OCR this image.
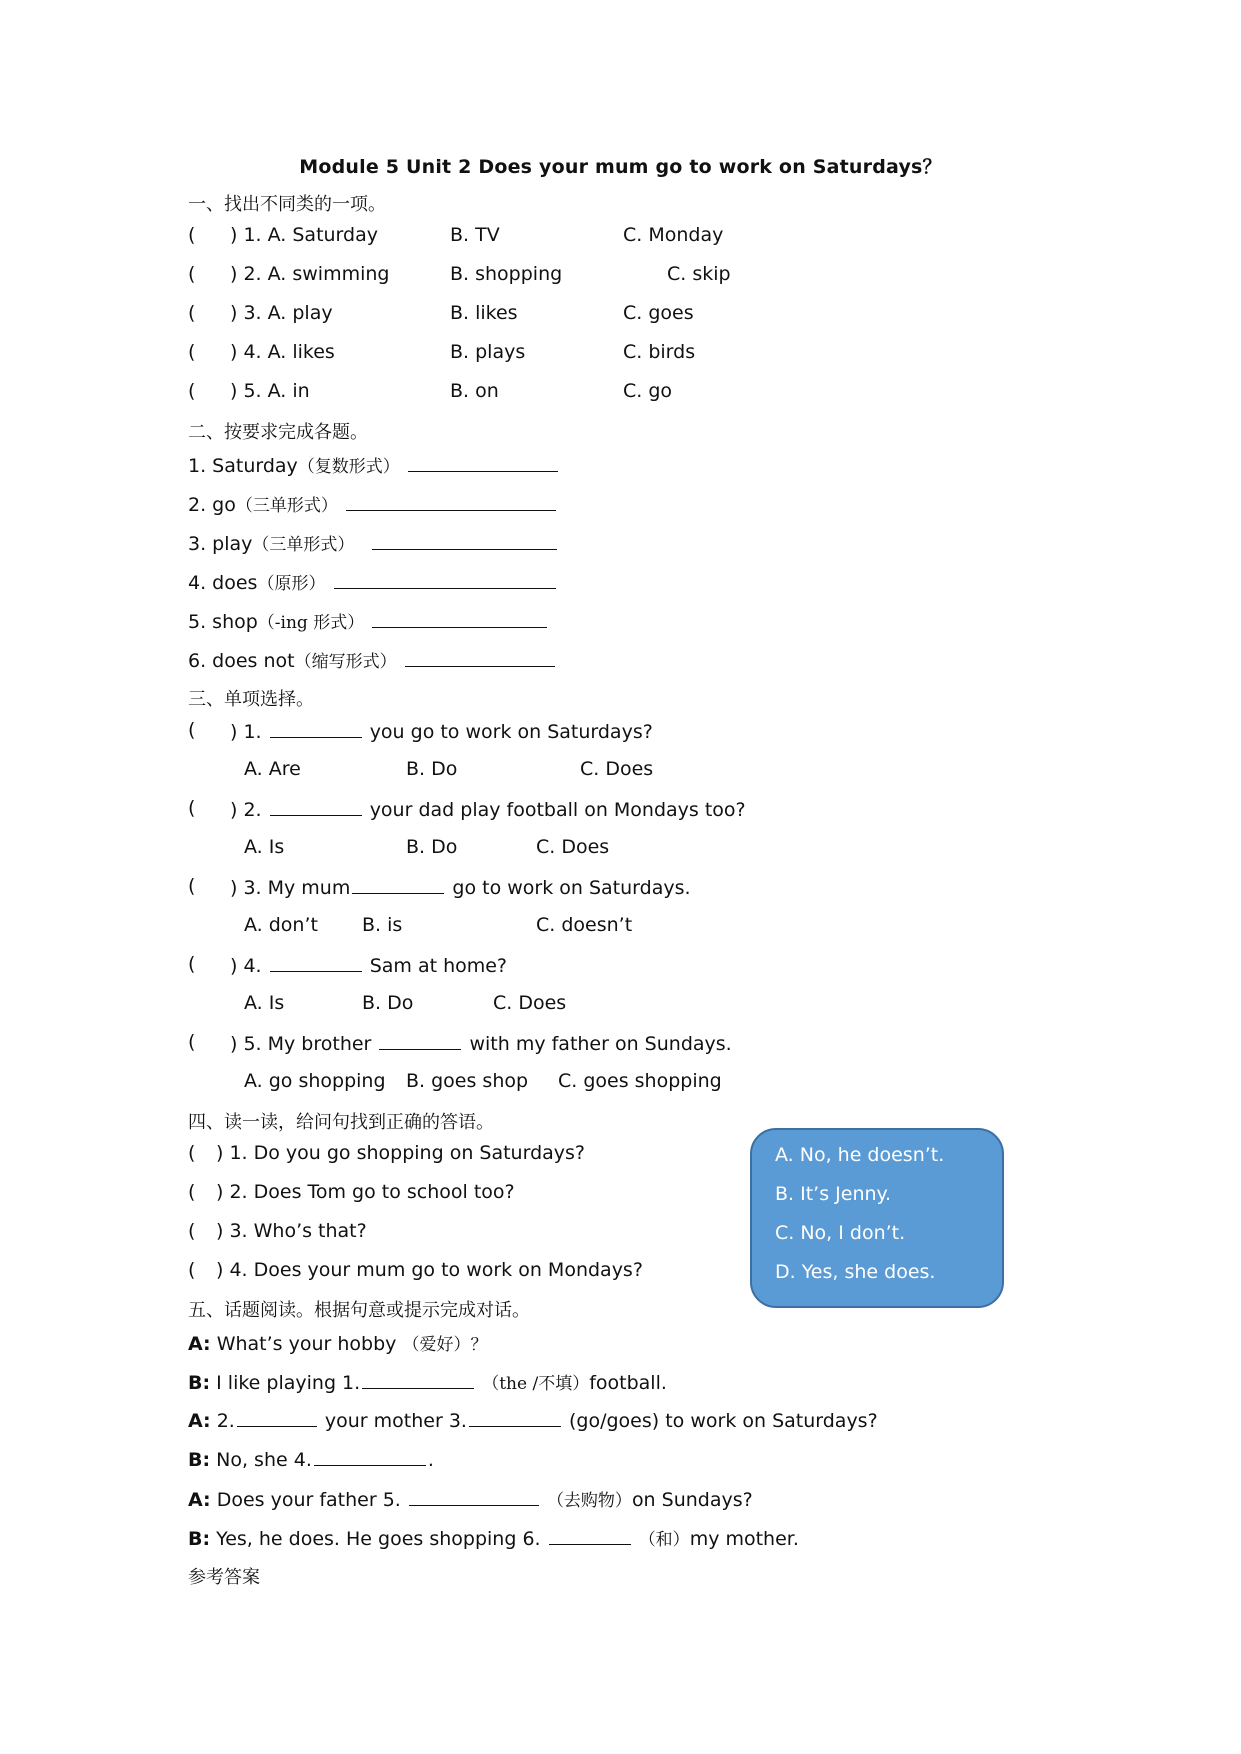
Module 5 Unit 2 Does your mum go to work on Saturdays？
一、找出不同类的一项。
( ) 1. A. Saturday	B. TV	C. Monday
( ) 2. A. swimming	B. shopping	C. skip
( ) 3. A. play	B. likes	C. goes
( ) 4. A. likes	B. plays	C. birds
( ) 5. A. in	B. on	C. go
二、按要求完成各题。
1. Saturday（复数形式）
2. go（三单形式）
3. play（三单形式）
4. does（原形）
5. shop（-ing 形式）
6. does not（缩写形式）
三、单项选择。
( ) 1.	you go to work on Saturdays?
A. Are	B. Do	C. Does
( ) 2.	your dad play football on Mondays too?
A. Is	B. Do	C. Does
( ) 3. My mum	go to work on Saturdays.
A. don’t B. is	C. doesn’t
( ) 4.	Sam at home?
A. Is	B. Do	C. Does
( ) 5. My brother	with my father on Sundays.
A. go shopping B. goes shop C. goes shopping
四、读一读，给问句找到正确的答语。
( ) 1. Do you go shopping on Saturdays?
( ) 2. Does Tom go to school too?
( ) 3. Who’s that?
( ) 4. Does your mum go to work on Mondays?
A. No, he doesn’t.
B. It’s Jenny.
C. No, I don’t.
D. Yes, she does.
五、话题阅读。根据句意或提示完成对话。
A: What’s your hobby （爱好）？
B: I like playing 1.	（the /不填）football.
A: 2.	your mother 3.	(go/goes) to work on Saturdays?
B: No, she 4.	.
A: Does your father 5.	（去购物）on Sundays?
B: Yes, he does. He goes shopping 6.	（和）my mother.
参考答案
